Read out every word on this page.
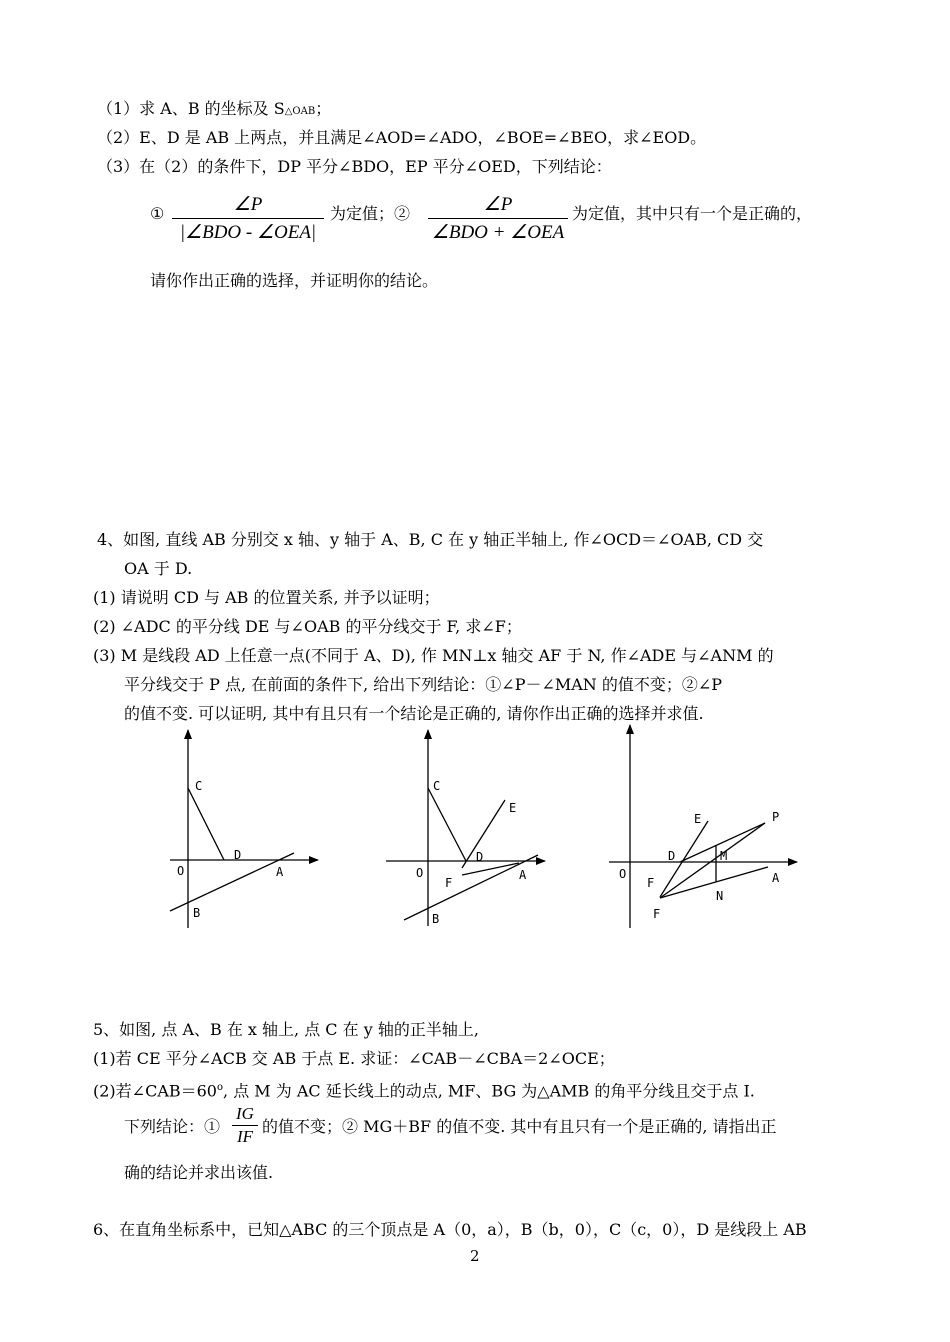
（1）求 A、B 的坐标及 S△OAB；
（2）E、D 是 AB 上两点，并且满足∠AOD=∠ADO，∠BOE=∠BEO，求∠EOD。
（3）在（2）的条件下，DP 平分∠BDO，EP 平分∠OED，下列结论：
①	∠P
|∠BDO - ∠OEA|
为定值；②	∠P
∠BDO + ∠OEA
为定值，其中只有一个是正确的，
请你作出正确的选择，并证明你的结论。
4、如图, 直线 AB 分别交 x 轴、y 轴于 A、B, C 在 y 轴正半轴上, 作∠OCD＝∠OAB, CD 交
OA 于 D.
(1) 请说明 CD 与 AB 的位置关系, 并予以证明；
(2) ∠ADC 的平分线 DE 与∠OAB 的平分线交于 F, 求∠F；
(3) M 是线段 AD 上任意一点(不同于 A、D), 作 MN⊥x 轴交 AF 于 N, 作∠ADE 与∠ANM 的
平分线交于 P 点, 在前面的条件下, 给出下列结论：①∠P－∠MAN 的值不变；②∠P
的值不变. 可以证明, 其中有且只有一个结论是正确的, 请你作出正确的选择并求值.
C
D
O	A
B
C
E
D
O
F
A
B
E	P
D	M
O
F	A
N
F
5、如图, 点 A、B 在 x 轴上, 点 C 在 y 轴的正半轴上,
(1)若 CE 平分∠ACB 交 AB 于点 E. 求证：∠CAB－∠CBA＝2∠OCE；
(2)若$\angle CAB=60^o$, 点 M 为 AC 延长线上的动点, MF、BG 为△AMB 的角平分线且交于点 I.
下列结论：① $\frac{IG}{IF}$ 的值不变；② MG＋BF 的值不变. 其中有且只有一个是正确的, 请指出正
确的结论并求出该值.
6、在直角坐标系中，已知△ABC 的三个顶点是 A（0，a），B（b，0），C（c，0），D 是线段上 AB
2
